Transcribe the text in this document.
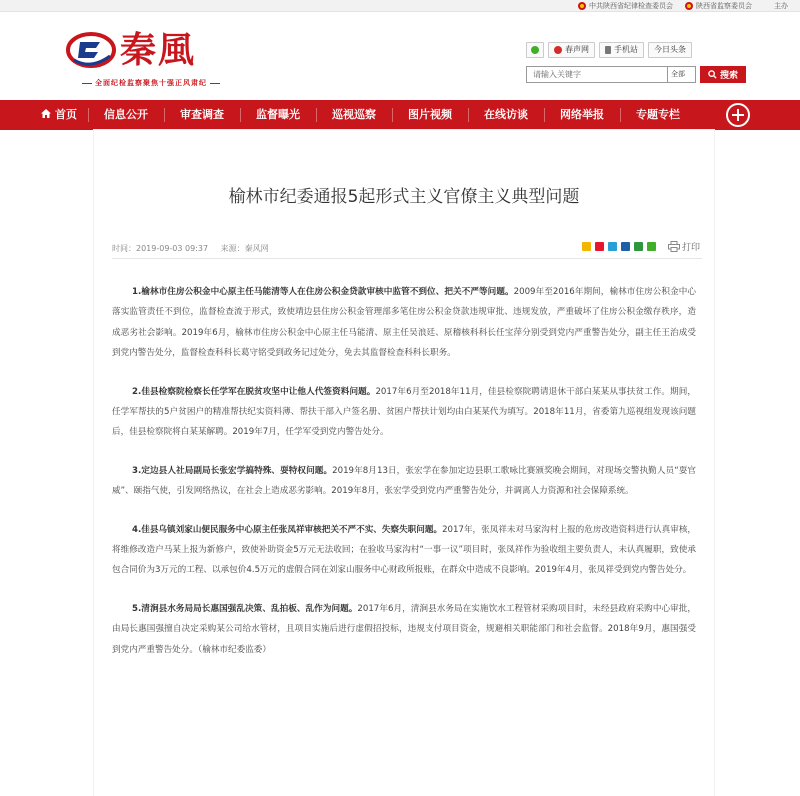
中共陕西省纪律检查委员会	陕西省监察委员会	主办
秦風
全面纪检监察聚焦十强正风肃纪
春声网	手机站 今日头条
请输入关键字
全部	搜索
首页	信息公开	审查调查	监督曝光	巡视巡察	图片视频	在线访谈	网络举报	专题专栏
榆林市纪委通报5起形式主义官僚主义典型问题
时间：2019-09-03 09:37 来源：秦风网	打印

1.榆林市住房公积金中心原主任马能清等人在住房公积金贷款审核中监管不到位、把关不严等问题。2009年至2016年期间，榆林市住房公积金中心落实监管责任不到位，监督检查流于形式，致使靖边县住房公积金管理部多笔住房公积金贷款违规审批、违规发放，严重破坏了住房公积金缴存秩序，造成恶劣社会影响。2019年6月，榆林市住房公积金中心原主任马能清、原主任吴浪廷、原稽核科科长任宝萍分别受到党内严重警告处分，副主任王治成受到党内警告处分，监督检查科科长葛守铭受到政务记过处分，免去其监督检查科科长职务。

2.佳县检察院检察长任学军在脱贫攻坚中让他人代签资料问题。2017年6月至2018年11月，佳县检察院聘请退休干部白某某从事扶贫工作。期间，任学军帮扶的5户贫困户的精准帮扶纪实资料薄、帮扶干部入户签名册、贫困户帮扶计划均由白某某代为填写。2018年11月，省委第九巡视组发现该问题后，佳县检察院将白某某解聘。2019年7月，任学军受到党内警告处分。

3.定边县人社局副局长张宏学搞特殊、耍特权问题。2019年8月13日，张宏学在参加定边县职工歌咏比赛颁奖晚会期间，对现场交警执勤人员“耍官威”、颐指气使，引发网络热议，在社会上造成恶劣影响。2019年8月，张宏学受到党内严重警告处分，并调离人力资源和社会保障系统。

4.佳县乌镇刘家山便民服务中心原主任张凤祥审核把关不严不实、失察失职问题。2017年，张凤祥未对马家沟村上报的危房改造资料进行认真审核，将维修改造户马某上报为新修户，致使补助资金5万元无法收回；在验收马家沟村“一事一议”项目时，张凤祥作为验收组主要负责人，未认真履职，致使承包合同价为3万元的工程、以承包价4.5万元的虚假合同在刘家山服务中心财政所报账，在群众中造成不良影响。2019年4月，张凤祥受到党内警告处分。

5.清涧县水务局局长惠国强乱决策、乱拍板、乱作为问题。2017年6月，清涧县水务局在实施饮水工程管材采购项目时，未经县政府采购中心审批，由局长惠国强擅自决定采购某公司给水管材，且项目实施后进行虚假招投标，违规支付项目资金，规避相关职能部门和社会监督。2018年9月，惠国强受到党内严重警告处分。（榆林市纪委监委）
